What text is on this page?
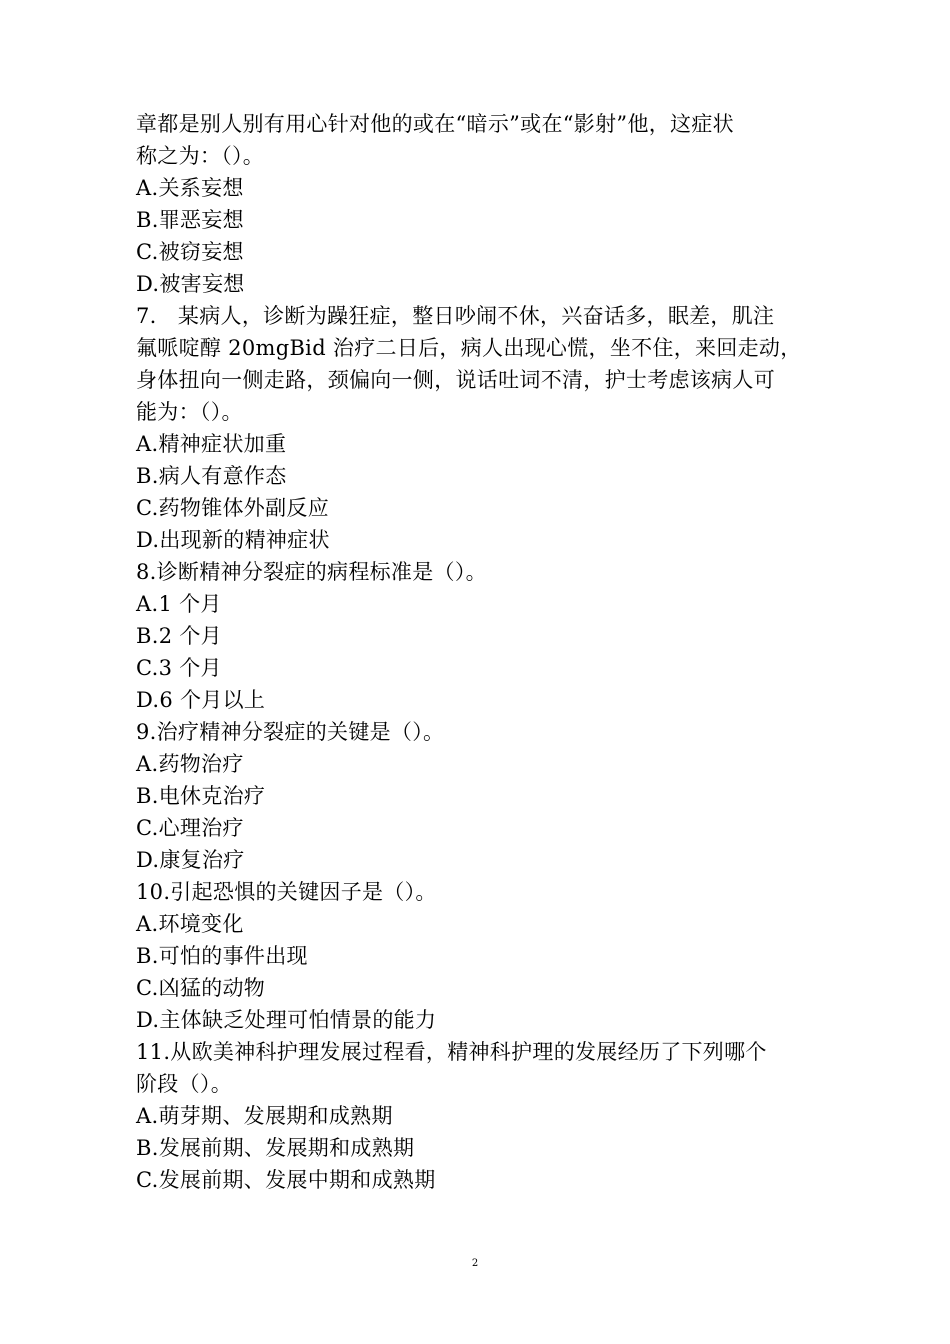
章都是别人别有用心针对他的或在“暗示”或在“影射”他，这症状
称之为：（）。
A.关系妄想
B.罪恶妄想
C.被窃妄想
D.被害妄想
7.　某病人，诊断为躁狂症，整日吵闹不休，兴奋话多，眠差，肌注
氟哌啶醇 20mgBid 治疗二日后，病人出现心慌，坐不住，来回走动，
身体扭向一侧走路，颈偏向一侧，说话吐词不清，护士考虑该病人可
能为：（）。
A.精神症状加重
B.病人有意作态
C.药物锥体外副反应
D.出现新的精神症状
8.诊断精神分裂症的病程标准是（）。
A.1 个月
B.2 个月
C.3 个月
D.6 个月以上
9.治疗精神分裂症的关键是（）。
A.药物治疗
B.电休克治疗
C.心理治疗
D.康复治疗
10.引起恐惧的关键因子是（）。
A.环境变化
B.可怕的事件出现
C.凶猛的动物
D.主体缺乏处理可怕情景的能力
11.从欧美神科护理发展过程看，精神科护理的发展经历了下列哪个
阶段（）。
A.萌芽期、发展期和成熟期
B.发展前期、发展期和成熟期
C.发展前期、发展中期和成熟期
2
